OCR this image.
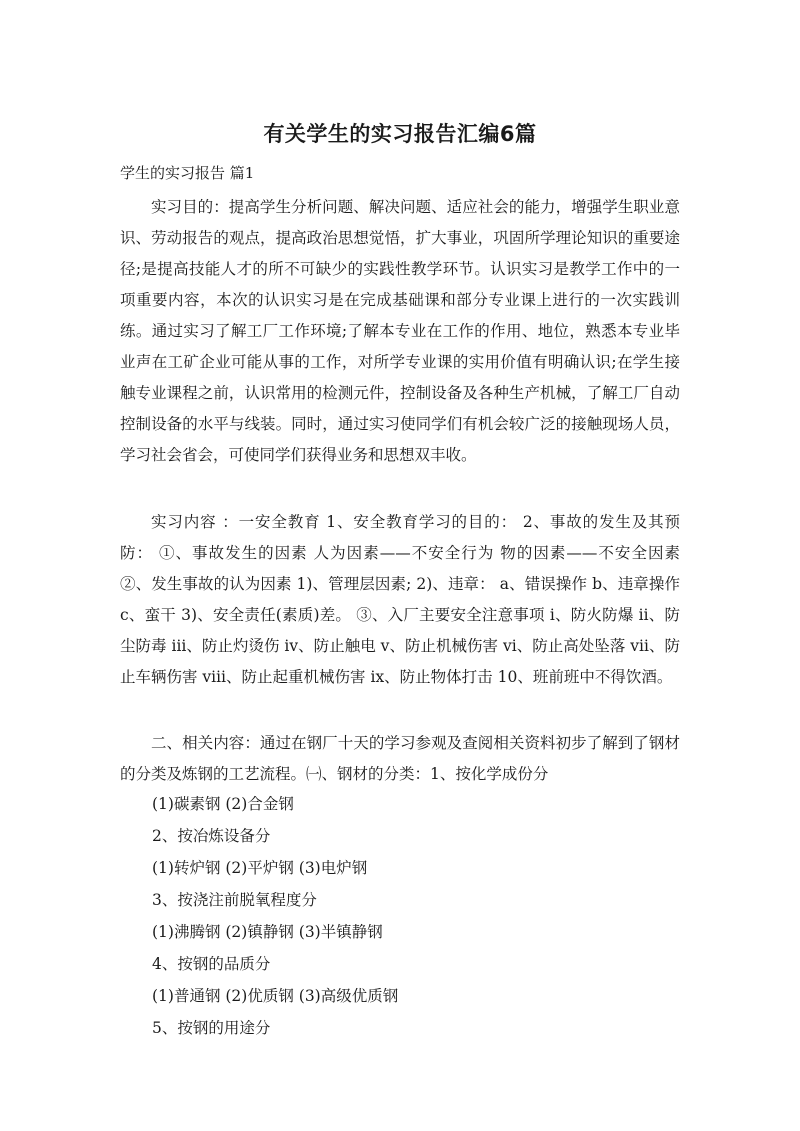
有关学生的实习报告汇编6篇
学生的实习报告 篇1

实习目的：提高学生分析问题、解决问题、适应社会的能力，增强学生职业意识、劳动报告的观点，提高政治思想觉悟，扩大事业，巩固所学理论知识的重要途径;是提高技能人才的所不可缺少的实践性教学环节。认识实习是教学工作中的一项重要内容，本次的认识实习是在完成基础课和部分专业课上进行的一次实践训练。通过实习了解工厂工作环境;了解本专业在工作的作用、地位，熟悉本专业毕业声在工矿企业可能从事的工作，对所学专业课的实用价值有明确认识;在学生接触专业课程之前，认识常用的检测元件，控制设备及各种生产机械，了解工厂自动控制设备的水平与线装。同时，通过实习使同学们有机会较广泛的接触现场人员，学习社会省会，可使同学们获得业务和思想双丰收。

实习内容 ：一安全教育 1、安全教育学习的目的： 2、事故的发生及其预防： ①、事故发生的因素 人为因素——不安全行为 物的因素——不安全因素 ②、发生事故的认为因素 1)、管理层因素; 2)、违章： a、错误操作 b、违章操作 c、蛮干 3)、安全责任(素质)差。 ③、入厂主要安全注意事项 ⅰ、防火防爆 ⅱ、防尘防毒 ⅲ、防止灼烫伤 ⅳ、防止触电 ⅴ、防止机械伤害 ⅵ、防止高处坠落 ⅶ、防止车辆伤害 ⅷ、防止起重机械伤害 ⅸ、防止物体打击 10、班前班中不得饮酒。

二、相关内容：通过在钢厂十天的学习参观及查阅相关资料初步了解到了钢材的分类及炼钢的工艺流程。㈠、钢材的分类：1、按化学成份分

(1)碳素钢 (2)合金钢
2、按冶炼设备分
(1)转炉钢 (2)平炉钢 (3)电炉钢
3、按浇注前脱氧程度分
(1)沸腾钢 (2)镇静钢 (3)半镇静钢
4、按钢的品质分
(1)普通钢 (2)优质钢 (3)高级优质钢
5、按钢的用途分
